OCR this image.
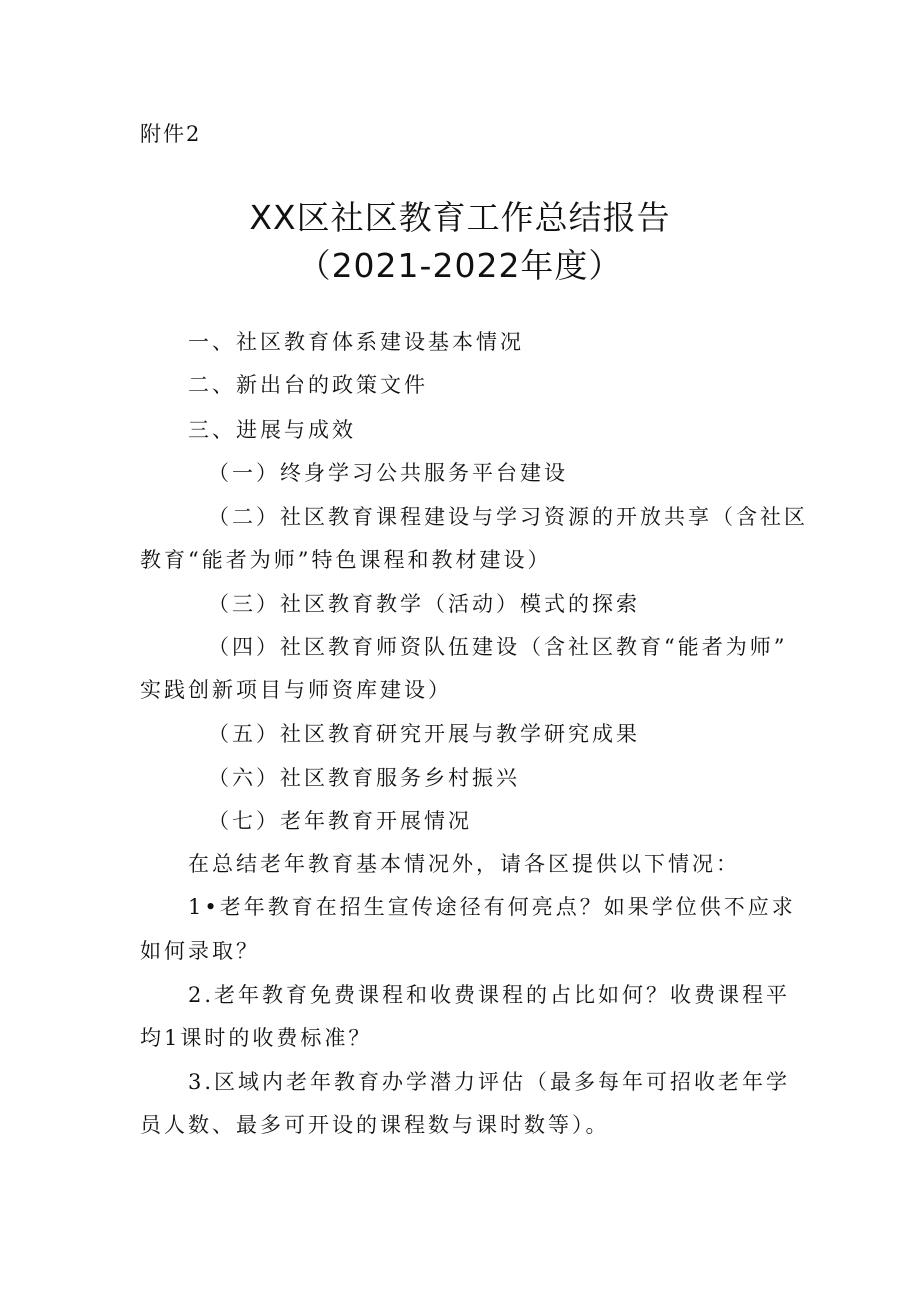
附件2
XX区社区教育工作总结报告
（2021-2022年度）
一、社区教育体系建设基本情况
二、新出台的政策文件
三、进展与成效
（一）终身学习公共服务平台建设
（二）社区教育课程建设与学习资源的开放共享（含社区
教育“能者为师”特色课程和教材建设）
（三）社区教育教学（活动）模式的探索
（四）社区教育师资队伍建设（含社区教育“能者为师”
实践创新项目与师资库建设）
（五）社区教育研究开展与教学研究成果
（六）社区教育服务乡村振兴
（七）老年教育开展情况
在总结老年教育基本情况外，请各区提供以下情况：
1•老年教育在招生宣传途径有何亮点？如果学位供不应求
如何录取？
2.老年教育免费课程和收费课程的占比如何？收费课程平
均1课时的收费标准？
3.区域内老年教育办学潜力评估（最多每年可招收老年学
员人数、最多可开设的课程数与课时数等）。
